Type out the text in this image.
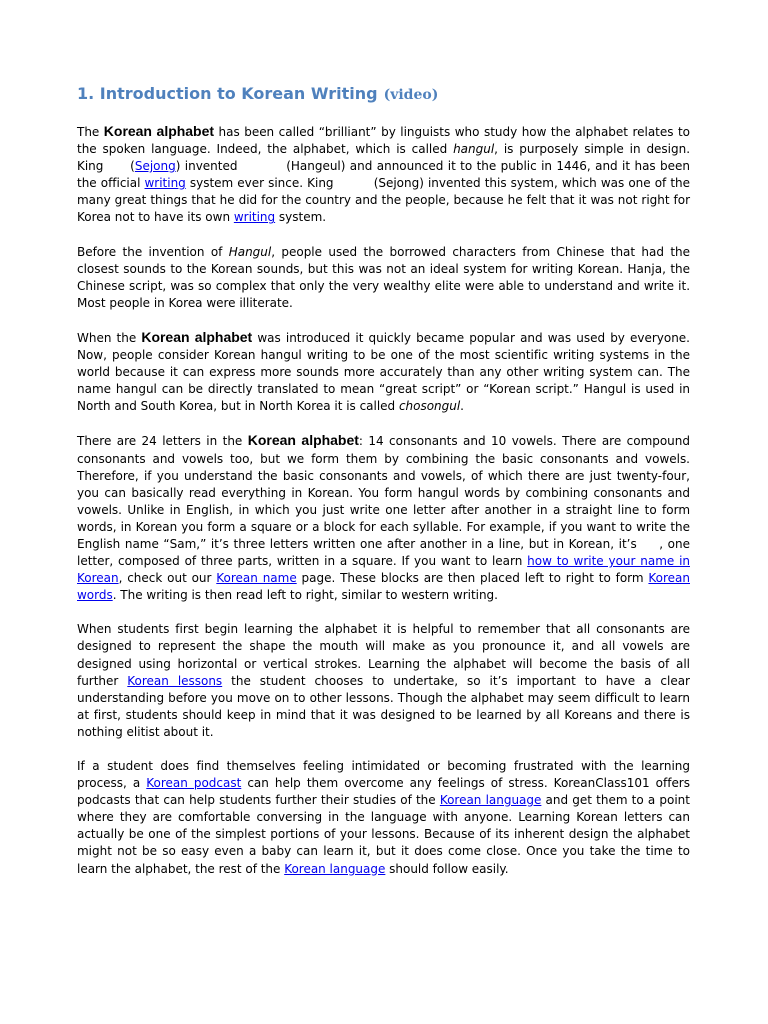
1. Introduction to Korean Writing (video)

The Korean alphabet has been called “brilliant” by linguists who study how the alphabet relates to the spoken language. Indeed, the alphabet, which is called hangul, is purposely simple in design. King  (Sejong) invented	(Hangeul) and announced it to the public in 1446, and it has been the official writing system ever since. King	(Sejong) invented this system, which was one of the many great things that he did for the country and the people, because he felt that it was not right for Korea not to have its own writing system.

Before the invention of Hangul, people used the borrowed characters from Chinese that had the closest sounds to the Korean sounds, but this was not an ideal system for writing Korean. Hanja, the Chinese script, was so complex that only the very wealthy elite were able to understand and write it. Most people in Korea were illiterate.

When the Korean alphabet was introduced it quickly became popular and was used by everyone. Now, people consider Korean hangul writing to be one of the most scientific writing systems in the world because it can express more sounds more accurately than any other writing system can. The name hangul can be directly translated to mean “great script” or “Korean script.” Hangul is used in North and South Korea, but in North Korea it is called chosongul.

There are 24 letters in the Korean alphabet: 14 consonants and 10 vowels. There are compound consonants and vowels too, but we form them by combining the basic consonants and vowels. Therefore, if you understand the basic consonants and vowels, of which there are just twenty-four, you can basically read everything in Korean. You form hangul words by combining consonants and vowels. Unlike in English, in which you just write one letter after another in a straight line to form words, in Korean you form a square or a block for each syllable. For example, if you want to write the English name “Sam,” it’s three letters written one after another in a line, but in Korean, it’s , one letter, composed of three parts, written in a square. If you want to learn how to write your name in Korean, check out our Korean name page. These blocks are then placed left to right to form Korean words. The writing is then read left to right, similar to western writing.

When students first begin learning the alphabet it is helpful to remember that all consonants are designed to represent the shape the mouth will make as you pronounce it, and all vowels are designed using horizontal or vertical strokes. Learning the alphabet will become the basis of all further Korean lessons the student chooses to undertake, so it’s important to have a clear understanding before you move on to other lessons. Though the alphabet may seem difficult to learn at first, students should keep in mind that it was designed to be learned by all Koreans and there is nothing elitist about it.

If a student does find themselves feeling intimidated or becoming frustrated with the learning process, a Korean podcast can help them overcome any feelings of stress. KoreanClass101 offers podcasts that can help students further their studies of the Korean language and get them to a point where they are comfortable conversing in the language with anyone. Learning Korean letters can actually be one of the simplest portions of your lessons. Because of its inherent design the alphabet might not be so easy even a baby can learn it, but it does come close. Once you take the time to learn the alphabet, the rest of the Korean language should follow easily.
